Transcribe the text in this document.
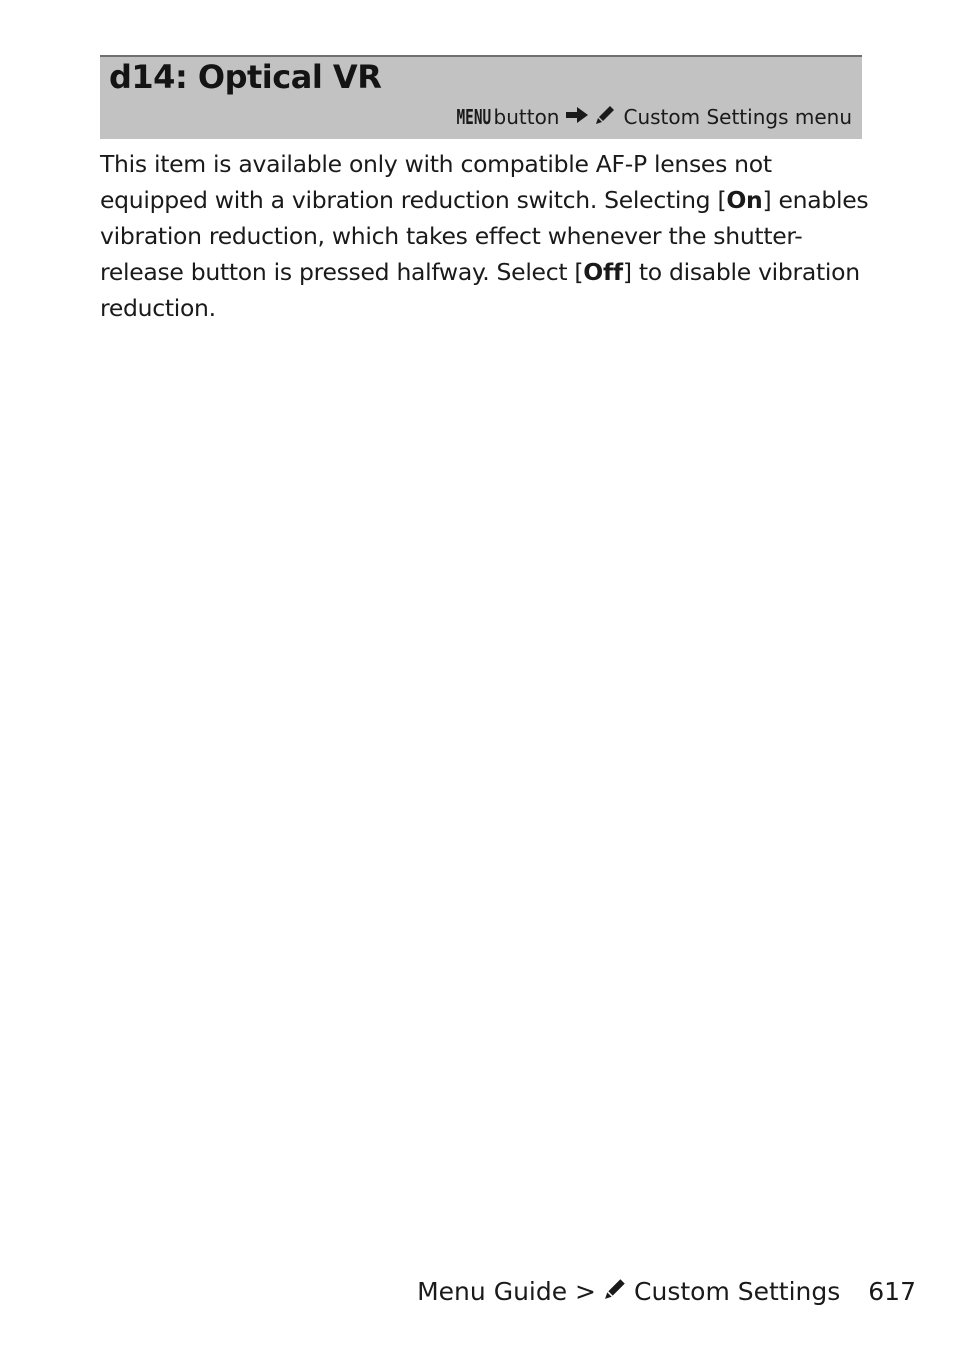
d14: Optical VR
MENU button	Custom Settings menu

This item is available only with compatible AF-P lenses not equipped with a vibration reduction switch. Selecting [On] enables vibration reduction, which takes effect whenever the shutter-release button is pressed halfway. Select [Off] to disable vibration reduction.

Menu Guide > Custom Settings 617
